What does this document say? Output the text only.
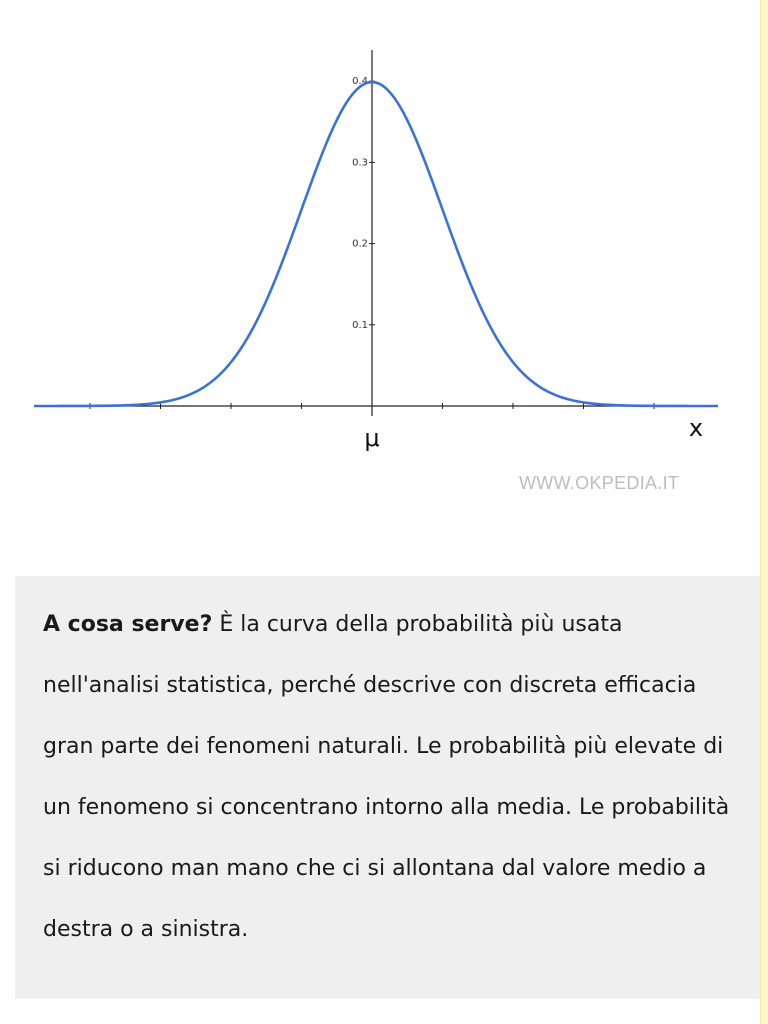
0.1
0.2
0.3
0.4
μ	x
WWW.OKPEDIA.IT

A cosa serve? È la curva della probabilità più usata nell'analisi statistica, perché descrive con discreta efficacia gran parte dei fenomeni naturali. Le probabilità più elevate di un fenomeno si concentrano intorno alla media. Le probabilità si riducono man mano che ci si allontana dal valore medio a destra o a sinistra.
